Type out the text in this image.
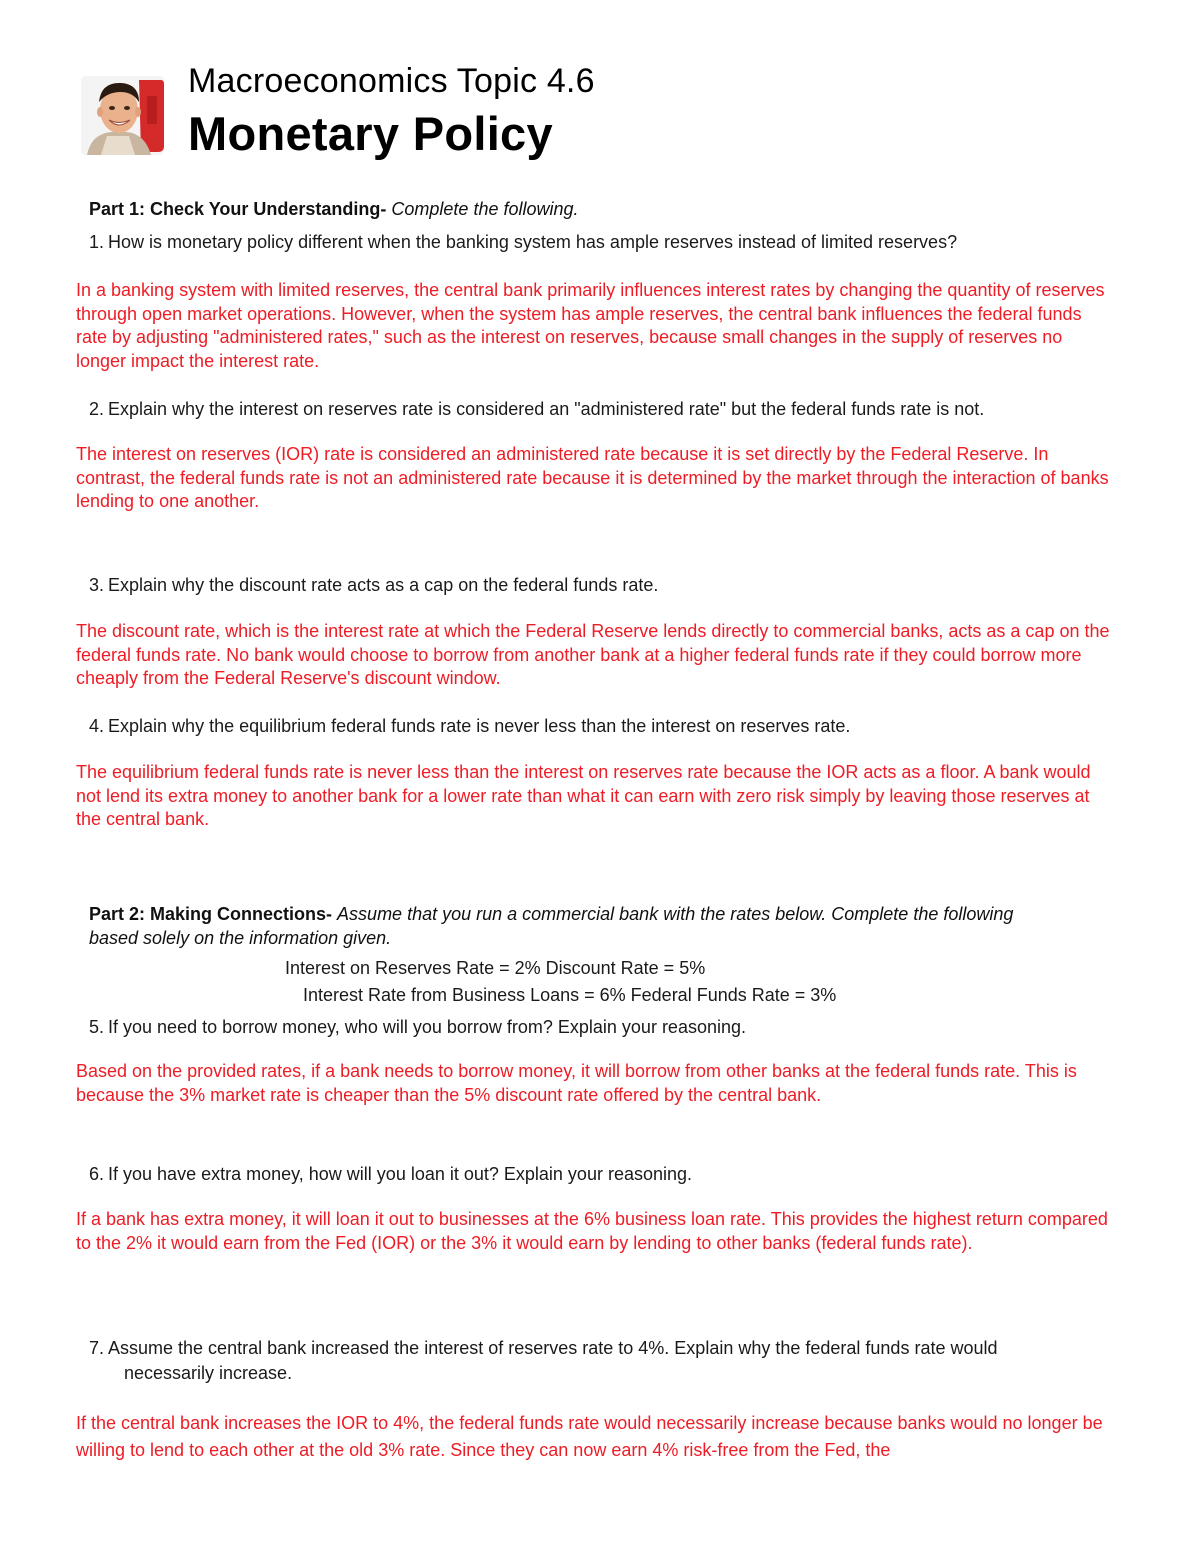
Macroeconomics Topic 4.6
Monetary Policy
Part 1: Check Your Understanding- Complete the following.
1. How is monetary policy different when the banking system has ample reserves instead of limited reserves?
In a banking system with limited reserves, the central bank primarily influences interest rates by changing the quantity of reserves through open market operations. However, when the system has ample reserves, the central bank influences the federal funds rate by adjusting "administered rates," such as the interest on reserves, because small changes in the supply of reserves no longer impact the interest rate.
2. Explain why the interest on reserves rate is considered an "administered rate" but the federal funds rate is not.
The interest on reserves (IOR) rate is considered an administered rate because it is set directly by the Federal Reserve. In contrast, the federal funds rate is not an administered rate because it is determined by the market through the interaction of banks lending to one another.
3. Explain why the discount rate acts as a cap on the federal funds rate.
The discount rate, which is the interest rate at which the Federal Reserve lends directly to commercial banks, acts as a cap on the federal funds rate. No bank would choose to borrow from another bank at a higher federal funds rate if they could borrow more cheaply from the Federal Reserve's discount window.
4. Explain why the equilibrium federal funds rate is never less than the interest on reserves rate.
The equilibrium federal funds rate is never less than the interest on reserves rate because the IOR acts as a floor. A bank would not lend its extra money to another bank for a lower rate than what it can earn with zero risk simply by leaving those reserves at the central bank.
Part 2: Making Connections- Assume that you run a commercial bank with the rates below. Complete the following based solely on the information given.
Interest on Reserves Rate = 2% Discount Rate = 5%
Interest Rate from Business Loans = 6% Federal Funds Rate = 3%
5. If you need to borrow money, who will you borrow from? Explain your reasoning.
Based on the provided rates, if a bank needs to borrow money, it will borrow from other banks at the federal funds rate. This is because the 3% market rate is cheaper than the 5% discount rate offered by the central bank.
6. If you have extra money, how will you loan it out? Explain your reasoning.
If a bank has extra money, it will loan it out to businesses at the 6% business loan rate. This provides the highest return compared to the 2% it would earn from the Fed (IOR) or the 3% it would earn by lending to other banks (federal funds rate).
7. Assume the central bank increased the interest of reserves rate to 4%. Explain why the federal funds rate would
necessarily increase.
If the central bank increases the IOR to 4%, the federal funds rate would necessarily increase because banks would no longer be willing to lend to each other at the old 3% rate. Since they can now earn 4% risk-free from the Fed, the
